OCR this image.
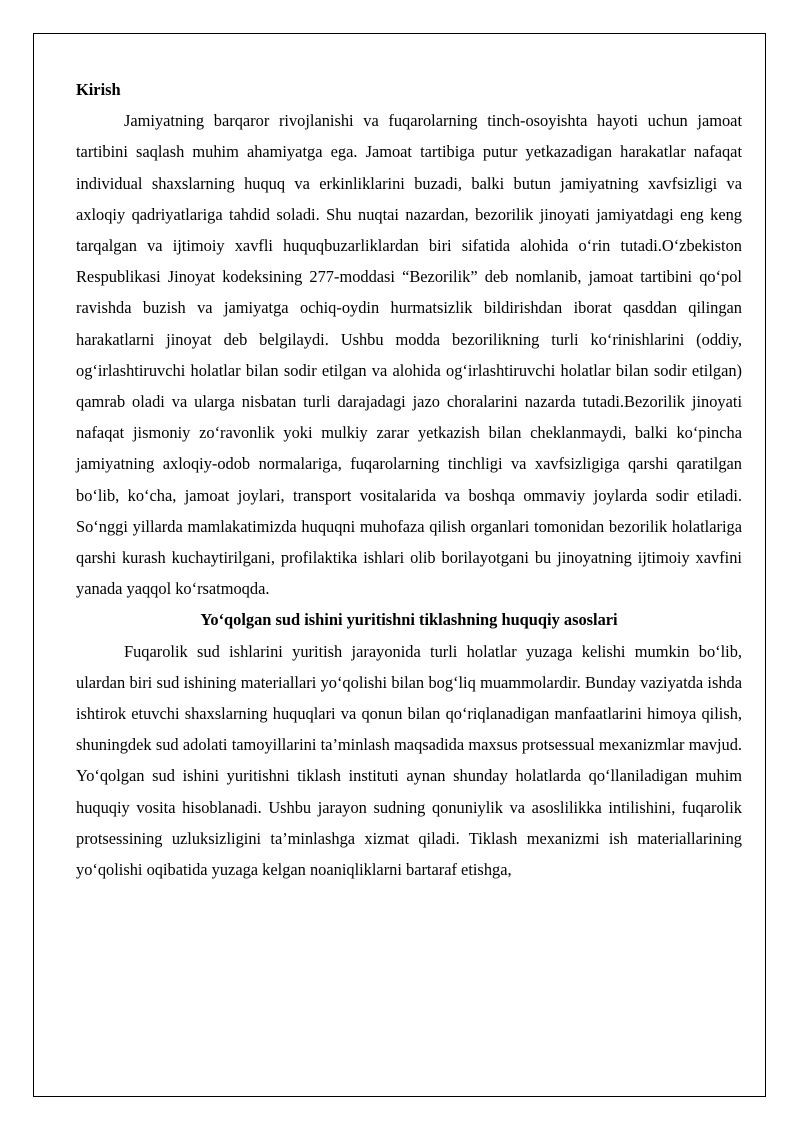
Kirish

Jamiyatning barqaror rivojlanishi va fuqarolarning tinch-osoyishta hayoti uchun jamoat tartibini saqlash muhim ahamiyatga ega. Jamoat tartibiga putur yetkazadigan harakatlar nafaqat individual shaxslarning huquq va erkinliklarini buzadi, balki butun jamiyatning xavfsizligi va axloqiy qadriyatlariga tahdid soladi. Shu nuqtai nazardan, bezorilik jinoyati jamiyatdagi eng keng tarqalgan va ijtimoiy xavfli huquqbuzarliklardan biri sifatida alohida o‘rin tutadi.O‘zbekiston Respublikasi Jinoyat kodeksining 277-moddasi “Bezorilik” deb nomlanib, jamoat tartibini qo‘pol ravishda buzish va jamiyatga ochiq-oydin hurmatsizlik bildirishdan iborat qasddan qilingan harakatlarni jinoyat deb belgilaydi. Ushbu modda bezorilikning turli ko‘rinishlarini (oddiy, og‘irlashtiruvchi holatlar bilan sodir etilgan va alohida og‘irlashtiruvchi holatlar bilan sodir etilgan) qamrab oladi va ularga nisbatan turli darajadagi jazo choralarini nazarda tutadi.Bezorilik jinoyati nafaqat jismoniy zo‘ravonlik yoki mulkiy zarar yetkazish bilan cheklanmaydi, balki ko‘pincha jamiyatning axloqiy-odob normalariga, fuqarolarning tinchligi va xavfsizligiga qarshi qaratilgan bo‘lib, ko‘cha, jamoat joylari, transport vositalarida va boshqa ommaviy joylarda sodir etiladi. So‘nggi yillarda mamlakatimizda huquqni muhofaza qilish organlari tomonidan bezorilik holatlariga qarshi kurash kuchaytirilgani, profilaktika ishlari olib borilayotgani bu jinoyatning ijtimoiy xavfini yanada yaqqol ko‘rsatmoqda.

Yo‘qolgan sud ishini yuritishni tiklashning huquqiy asoslari

Fuqarolik sud ishlarini yuritish jarayonida turli holatlar yuzaga kelishi mumkin bo‘lib, ulardan biri sud ishining materiallari yo‘qolishi bilan bog‘liq muammolardir. Bunday vaziyatda ishda ishtirok etuvchi shaxslarning huquqlari va qonun bilan qo‘riqlanadigan manfaatlarini himoya qilish, shuningdek sud adolati tamoyillarini ta’minlash maqsadida maxsus protsessual mexanizmlar mavjud. Yo‘qolgan sud ishini yuritishni tiklash instituti aynan shunday holatlarda qo‘llaniladigan muhim huquqiy vosita hisoblanadi. Ushbu jarayon sudning qonuniylik va asoslilikka intilishini, fuqarolik protsessining uzluksizligini ta’minlashga xizmat qiladi. Tiklash mexanizmi ish materiallarining yo‘qolishi oqibatida yuzaga kelgan noaniqliklarni bartaraf etishga,
